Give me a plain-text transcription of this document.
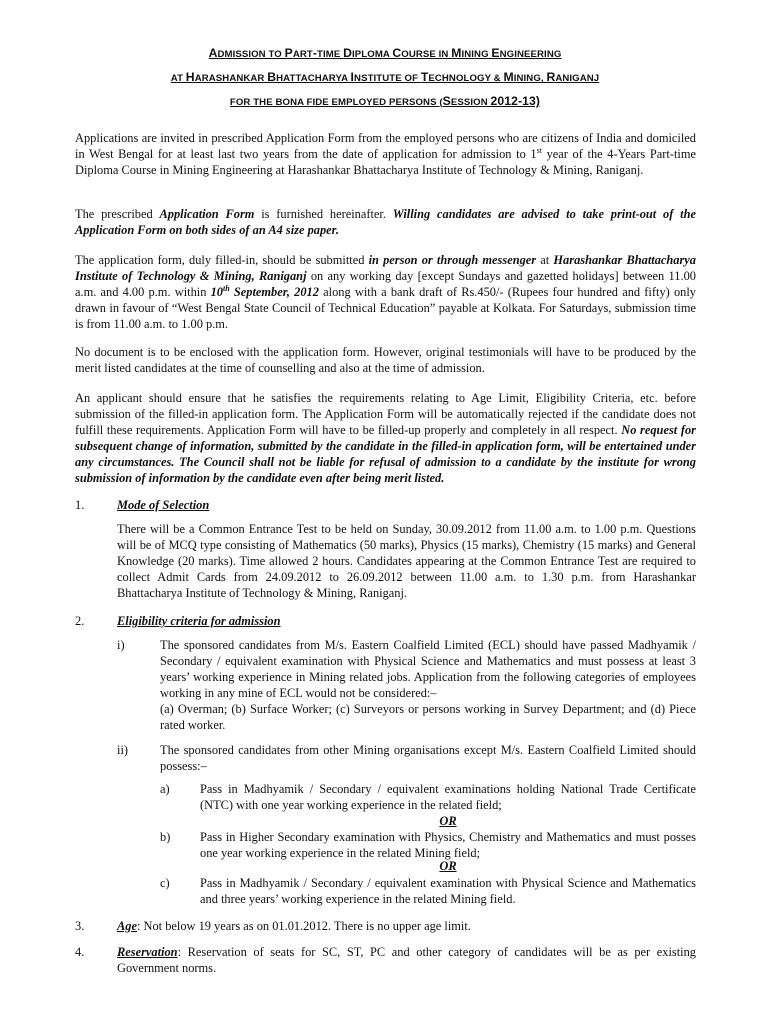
ADMISSION TO PART-TIME DIPLOMA COURSE IN MINING ENGINEERING
AT HARASHANKAR BHATTACHARYA INSTITUTE OF TECHNOLOGY & MINING, RANIGANJ
FOR THE BONA FIDE EMPLOYED PERSONS (SESSION 2012-13)

Applications are invited in prescribed Application Form from the employed persons who are citizens of India and domiciled in West Bengal for at least last two years from the date of application for admission to 1st year of the 4-Years Part-time Diploma Course in Mining Engineering at Harashankar Bhattacharya Institute of Technology & Mining, Raniganj.

The prescribed Application Form is furnished hereinafter. Willing candidates are advised to take print-out of the Application Form on both sides of an A4 size paper.

The application form, duly filled-in, should be submitted in person or through messenger at Harashankar Bhattacharya Institute of Technology & Mining, Raniganj on any working day [except Sundays and gazetted holidays] between 11.00 a.m. and 4.00 p.m. within 10th September, 2012 along with a bank draft of Rs.450/- (Rupees four hundred and fifty) only drawn in favour of “West Bengal State Council of Technical Education” payable at Kolkata. For Saturdays, submission time is from 11.00 a.m. to 1.00 p.m.

No document is to be enclosed with the application form. However, original testimonials will have to be produced by the merit listed candidates at the time of counselling and also at the time of admission.

An applicant should ensure that he satisfies the requirements relating to Age Limit, Eligibility Criteria, etc. before submission of the filled-in application form. The Application Form will be automatically rejected if the candidate does not fulfill these requirements. Application Form will have to be filled-up properly and completely in all respect. No request for subsequent change of information, submitted by the candidate in the filled-in application form, will be entertained under any circumstances. The Council shall not be liable for refusal of admission to a candidate by the institute for wrong submission of information by the candidate even after being merit listed.

1.	Mode of Selection

There will be a Common Entrance Test to be held on Sunday, 30.09.2012 from 11.00 a.m. to 1.00 p.m. Questions will be of MCQ type consisting of Mathematics (50 marks), Physics (15 marks), Chemistry (15 marks) and General Knowledge (20 marks). Time allowed 2 hours. Candidates appearing at the Common Entrance Test are required to collect Admit Cards from 24.09.2012 to 26.09.2012 between 11.00 a.m. to 1.30 p.m. from Harashankar Bhattacharya Institute of Technology & Mining, Raniganj.

2.	Eligibility criteria for admission
i)	The sponsored candidates from M/s. Eastern Coalfield Limited (ECL) should have passed Madhyamik / Secondary / equivalent examination with Physical Science and Mathematics and must possess at least 3 years’ working experience in Mining related jobs. Application from the following categories of employees working in any mine of ECL would not be considered:–
(a) Overman; (b) Surface Worker; (c) Surveyors or persons working in Survey Department; and (d) Piece rated worker.

ii)	The sponsored candidates from other Mining organisations except M/s. Eastern Coalfield Limited should possess:–

a) Pass in Madhyamik / Secondary / equivalent examinations holding National Trade Certificate (NTC) with one year working experience in the related field;

OR
b) Pass in Higher Secondary examination with Physics, Chemistry and Mathematics and must posses one year working experience in the related Mining field;

OR
c) Pass in Madhyamik / Secondary / equivalent examination with Physical Science and Mathematics and three years’ working experience in the related Mining field.

3.	Age: Not below 19 years as on 01.01.2012. There is no upper age limit.

4.	Reservation: Reservation of seats for SC, ST, PC and other category of candidates will be as per existing Government norms.
